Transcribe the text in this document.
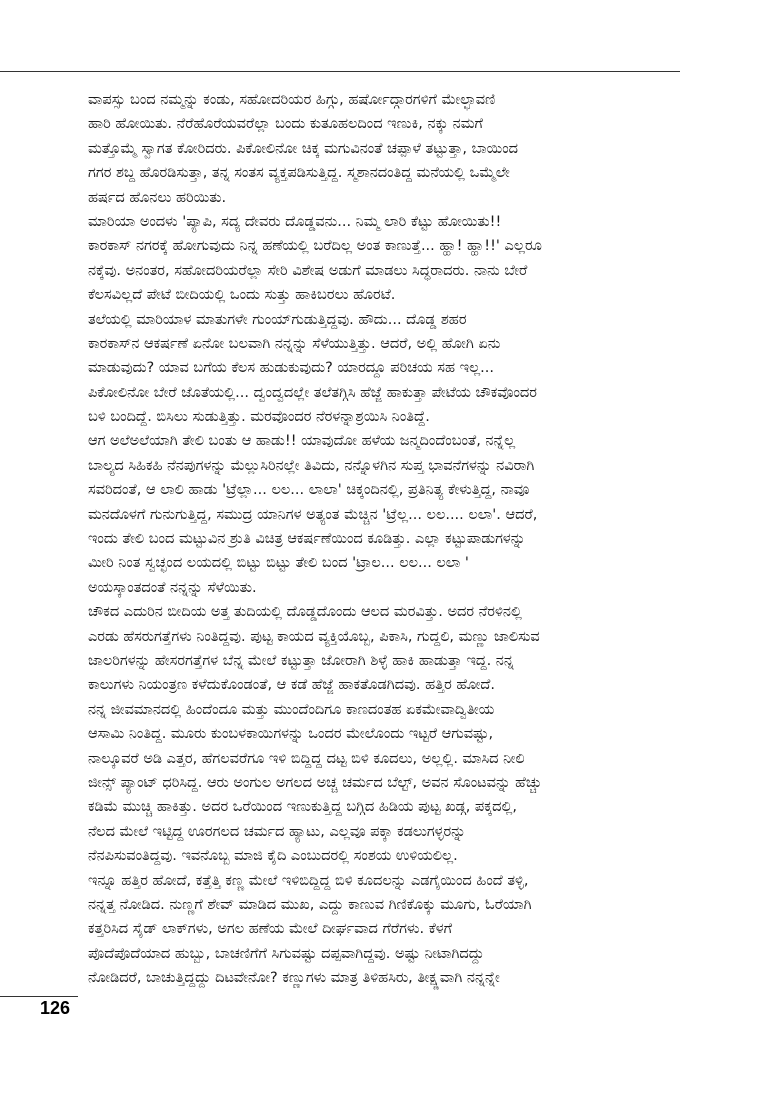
ವಾಪಸ್ಸು ಬಂದ ನಮ್ಮನ್ನು ಕಂಡು, ಸಹೋದರಿಯರ ಹಿಗ್ಗು, ಹರ್ಷೋದ್ಗಾರಗಳಿಗೆ ಮೇಲ್ಛಾವಣಿ
ಹಾರಿ ಹೋಯಿತು. ನೆರೆಹೊರೆಯವರೆಲ್ಲಾ ಬಂದು ಕುತೂಹಲದಿಂದ ಇಣುಕಿ, ನಕ್ಕು ನಮಗೆ
ಮತ್ತೊಮ್ಮೆ ಸ್ವಾಗತ ಕೋರಿದರು. ಪಿಕೋಲಿನೋ ಚಿಕ್ಕ ಮಗುವಿನಂತೆ ಚಪ್ಪಾಳೆ ತಟ್ಟುತ್ತಾ, ಬಾಯಿಂದ
ಗಗರ ಶಬ್ದ ಹೊರಡಿಸುತ್ತಾ, ತನ್ನ ಸಂತಸ ವ್ಯಕ್ತಪಡಿಸುತ್ತಿದ್ದ. ಸ್ಮಶಾನದಂತಿದ್ದ ಮನೆಯಲ್ಲಿ ಒಮ್ಮೆಲೇ
ಹರ್ಷದ ಹೊನಲು ಹರಿಯಿತು.
ಮಾರಿಯಾ ಅಂದಳು 'ಪ್ಯಾಪಿ, ಸದ್ಯ ದೇವರು ದೊಡ್ಡವನು... ನಿಮ್ಮ ಲಾರಿ ಕೆಟ್ಟು ಹೋಯಿತು!!
ಕಾರಕಾಸ್ ನಗರಕ್ಕೆ ಹೋಗುವುದು ನಿನ್ನ ಹಣೆಯಲ್ಲಿ ಬರೆದಿಲ್ಲ ಅಂತ ಕಾಣುತ್ತೆ... ಹ್ಹಾ! ಹ್ಹಾ!!' ಎಲ್ಲರೂ
ನಕ್ಕೆವು. ಅನಂತರ, ಸಹೋದರಿಯರೆಲ್ಲಾ ಸೇರಿ ವಿಶೇಷ ಅಡುಗೆ ಮಾಡಲು ಸಿದ್ಧರಾದರು. ನಾನು ಬೇರೆ
ಕೆಲಸವಿಲ್ಲದೆ ಪೇಟೆ ಬೀದಿಯಲ್ಲಿ ಒಂದು ಸುತ್ತು ಹಾಕಿಬರಲು ಹೊರಟೆ.
ತಲೆಯಲ್ಲಿ ಮಾರಿಯಾಳ ಮಾತುಗಳೇ ಗುಂಯ್‌ಗುಡುತ್ತಿದ್ದವು. ಹೌದು... ದೊಡ್ಡ ಶಹರ
ಕಾರಕಾಸ್‌ನ ಆಕರ್ಷಣೆ ಏನೋ ಬಲವಾಗಿ ನನ್ನನ್ನು ಸೆಳೆಯುತ್ತಿತ್ತು. ಆದರೆ, ಅಲ್ಲಿ ಹೋಗಿ ಏನು
ಮಾಡುವುದು? ಯಾವ ಬಗೆಯ ಕೆಲಸ ಹುಡುಕುವುದು? ಯಾರದ್ದೂ ಪರಿಚಯ ಸಹ ಇಲ್ಲ...
ಪಿಕೋಲಿನೋ ಬೇರೆ ಜೊತೆಯಲ್ಲಿ... ದ್ವಂದ್ವದಲ್ಲೇ ತಲೆತಗ್ಗಿಸಿ ಹೆಜ್ಜೆ ಹಾಕುತ್ತಾ ಪೇಟೆಯ ಚೌಕವೊಂದರ
ಬಳಿ ಬಂದಿದ್ದೆ. ಬಿಸಿಲು ಸುಡುತ್ತಿತ್ತು. ಮರವೊಂದರ ನೆರಳನ್ನಾಶ್ರಯಿಸಿ ನಿಂತಿದ್ದೆ.
ಆಗ ಅಲೆಅಲೆಯಾಗಿ ತೇಲಿ ಬಂತು ಆ ಹಾಡು!! ಯಾವುದೋ ಹಳೆಯ ಜನ್ಮದಿಂದೆಂಬಂತೆ, ನನ್ನೆಲ್ಲ
ಬಾಲ್ಯದ ಸಿಹಿಕಹಿ ನೆನಪುಗಳನ್ನು ಮೆಲ್ಲುಸಿರಿನಲ್ಲೇ ತಿವಿದು, ನನ್ನೊಳಗಿನ ಸುಪ್ತ ಭಾವನೆಗಳನ್ನು ನವಿರಾಗಿ
ಸವರಿದಂತೆ, ಆ ಲಾಲಿ ಹಾಡು 'ಟ್ರೆಲ್ಲಾ... ಲಲ... ಲಾಲಾ' ಚಿಕ್ಕಂದಿನಲ್ಲಿ, ಪ್ರತಿನಿತ್ಯ ಕೇಳುತ್ತಿದ್ದ, ನಾವೂ
ಮನದೊಳಗೆ ಗುನುಗುತ್ತಿದ್ದ, ಸಮುದ್ರ ಯಾನಿಗಳ ಅತ್ಯಂತ ಮೆಚ್ಚಿನ 'ಟ್ರೆಲ್ಲ... ಲಲ.... ಲಲಾ'. ಆದರೆ,
ಇಂದು ತೇಲಿ ಬಂದ ಮಟ್ಟುವಿನ ಶ್ರುತಿ ವಿಚಿತ್ರ ಆಕರ್ಷಣೆಯಿಂದ ಕೂಡಿತ್ತು. ಎಲ್ಲಾ ಕಟ್ಟುಪಾಡುಗಳನ್ನು
ಮೀರಿ ನಿಂತ ಸ್ವಚ್ಛಂದ ಲಯದಲ್ಲಿ ಬಿಟ್ಟು ಬಿಟ್ಟು ತೇಲಿ ಬಂದ 'ಟ್ರಾಲ... ಲಲ... ಲಲಾ '
ಅಯಸ್ಕಾಂತದಂತೆ ನನ್ನನ್ನು ಸೆಳೆಯಿತು.
ಚೌಕದ ಎದುರಿನ ಬೀದಿಯ ಅತ್ತ ತುದಿಯಲ್ಲಿ ದೊಡ್ಡದೊಂದು ಆಲದ ಮರವಿತ್ತು. ಅದರ ನೆರಳಿನಲ್ಲಿ
ಎರಡು ಹೆಸರುಗತ್ತೆಗಳು ನಿಂತಿದ್ದವು. ಪುಟ್ಟ ಕಾಯದ ವ್ಯಕ್ತಿಯೊಬ್ಬ, ಪಿಕಾಸಿ, ಗುದ್ದಲಿ, ಮಣ್ಣು ಜಾಲಿಸುವ
ಜಾಲರಿಗಳನ್ನು ಹೇಸರಗತ್ತೆಗಳ ಬೆನ್ನ ಮೇಲೆ ಕಟ್ಟುತ್ತಾ ಜೋರಾಗಿ ಶಿಳ್ಳೆ ಹಾಕಿ ಹಾಡುತ್ತಾ ಇದ್ದ. ನನ್ನ
ಕಾಲುಗಳು ನಿಯಂತ್ರಣ ಕಳೆದುಕೊಂಡಂತೆ, ಆ ಕಡೆ ಹೆಜ್ಜೆ ಹಾಕತೊಡಗಿದವು. ಹತ್ತಿರ ಹೋದೆ.
ನನ್ನ ಜೀವಮಾನದಲ್ಲಿ ಹಿಂದೆಂದೂ ಮತ್ತು ಮುಂದೆಂದಿಗೂ ಕಾಣದಂತಹ ಏಕಮೇವಾದ್ವಿತೀಯ
ಆಸಾಮಿ ನಿಂತಿದ್ದ. ಮೂರು ಕುಂಬಳಕಾಯಿಗಳನ್ನು ಒಂದರ ಮೇಲೊಂದು ಇಟ್ಟರೆ ಆಗುವಷ್ಟು,
ನಾಲ್ಕೂವರೆ ಅಡಿ ಎತ್ತರ, ಹೆಗಲವರೆಗೂ ಇಳಿ ಬಿದ್ದಿದ್ದ ದಟ್ಟ ಬಿಳಿ ಕೂದಲು, ಅಲ್ಲಲ್ಲಿ. ಮಾಸಿದ ನೀಲಿ
ಜೀನ್ಸ್ ಪ್ಯಾಂಟ್ ಧರಿಸಿದ್ದ. ಆರು ಅಂಗುಲ ಅಗಲದ ಅಚ್ಚ ಚರ್ಮದ ಬೆಲ್ಟ್, ಅವನ ಸೊಂಟವನ್ನು ಹೆಚ್ಚು
ಕಡಿಮೆ ಮುಚ್ಚಿ ಹಾಕಿತ್ತು. ಅದರ ಒರೆಯಿಂದ ಇಣುಕುತ್ತಿದ್ದ ಬಗ್ಗಿದ ಹಿಡಿಯ ಪುಟ್ಟ ಖಡ್ಗ, ಪಕ್ಕದಲ್ಲಿ,
ನೆಲದ ಮೇಲೆ ಇಟ್ಟಿದ್ದ ಊರಗಲದ ಚರ್ಮದ ಹ್ಯಾಟು, ಎಲ್ಲವೂ ಪಕ್ಕಾ ಕಡಲುಗಳ್ಳರನ್ನು
ನೆನಪಿಸುವಂತಿದ್ದವು. ಇವನೊಬ್ಬ ಮಾಜಿ ಕೈದಿ ಎಂಬುದರಲ್ಲಿ ಸಂಶಯ ಉಳಿಯಲಿಲ್ಲ.
ಇನ್ನೂ ಹತ್ತಿರ ಹೋದೆ, ಕತ್ತೆತ್ತಿ ಕಣ್ಣ ಮೇಲೆ ಇಳಿಬಿದ್ದಿದ್ದ ಬಿಳಿ ಕೂದಲನ್ನು ಎಡಗೈಯಿಂದ ಹಿಂದೆ ತಳ್ಳಿ,
ನನ್ನತ್ತ ನೋಡಿದ. ನುಣ್ಣಗೆ ಶೇವ್ ಮಾಡಿದ ಮುಖ, ಎದ್ದು ಕಾಣುವ ಗಿಣಿಕೊಕ್ಕು ಮೂಗು, ಓರೆಯಾಗಿ
ಕತ್ತರಿಸಿದ ಸೈಡ್ ಲಾಕ್‌ಗಳು, ಅಗಲ ಹಣೆಯ ಮೇಲೆ ದೀರ್ಘವಾದ ಗೆರೆಗಳು. ಕೆಳಗೆ
ಪೊದೆಪೊದೆಯಾದ ಹುಬ್ಬು, ಬಾಚಣಿಗೆಗೆ ಸಿಗುವಷ್ಟು ದಪ್ಪವಾಗಿದ್ದವು. ಅಷ್ಟು ನೀಟಾಗಿದದ್ದು
ನೋಡಿದರೆ, ಬಾಚುತ್ತಿದ್ದದ್ದು ದಿಟವೇನೋ? ಕಣ್ಣುಗಳು ಮಾತ್ರ ತಿಳಿಹಸಿರು, ತೀಕ್ಷ್ಣವಾಗಿ ನನ್ನನ್ನೇ
126
